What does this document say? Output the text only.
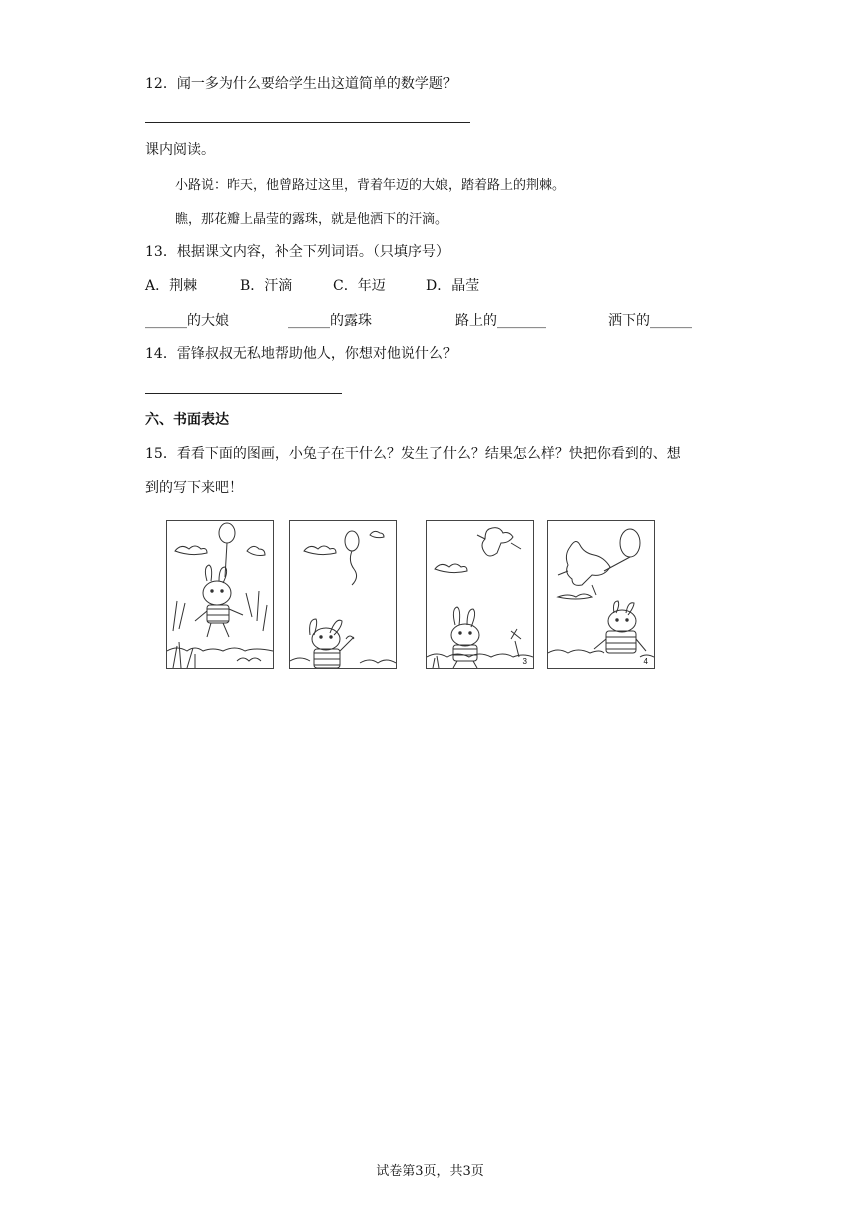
12．闻一多为什么要给学生出这道简单的数学题？
课内阅读。
小路说：昨天，他曾路过这里，背着年迈的大娘，踏着路上的荆棘。
瞧，那花瓣上晶莹的露珠，就是他洒下的汗滴。
13．根据课文内容，补全下列词语。（只填序号）
A．荆棘	B．汗滴	C．年迈	D．晶莹
______的大娘	______的露珠	路上的_______	洒下的______
14．雷锋叔叔无私地帮助他人，你想对他说什么？
六、书面表达
15．看看下面的图画，小兔子在干什么？发生了什么？结果怎么样？快把你看到的、想
到的写下来吧！
3	4
试卷第3页，共3页
